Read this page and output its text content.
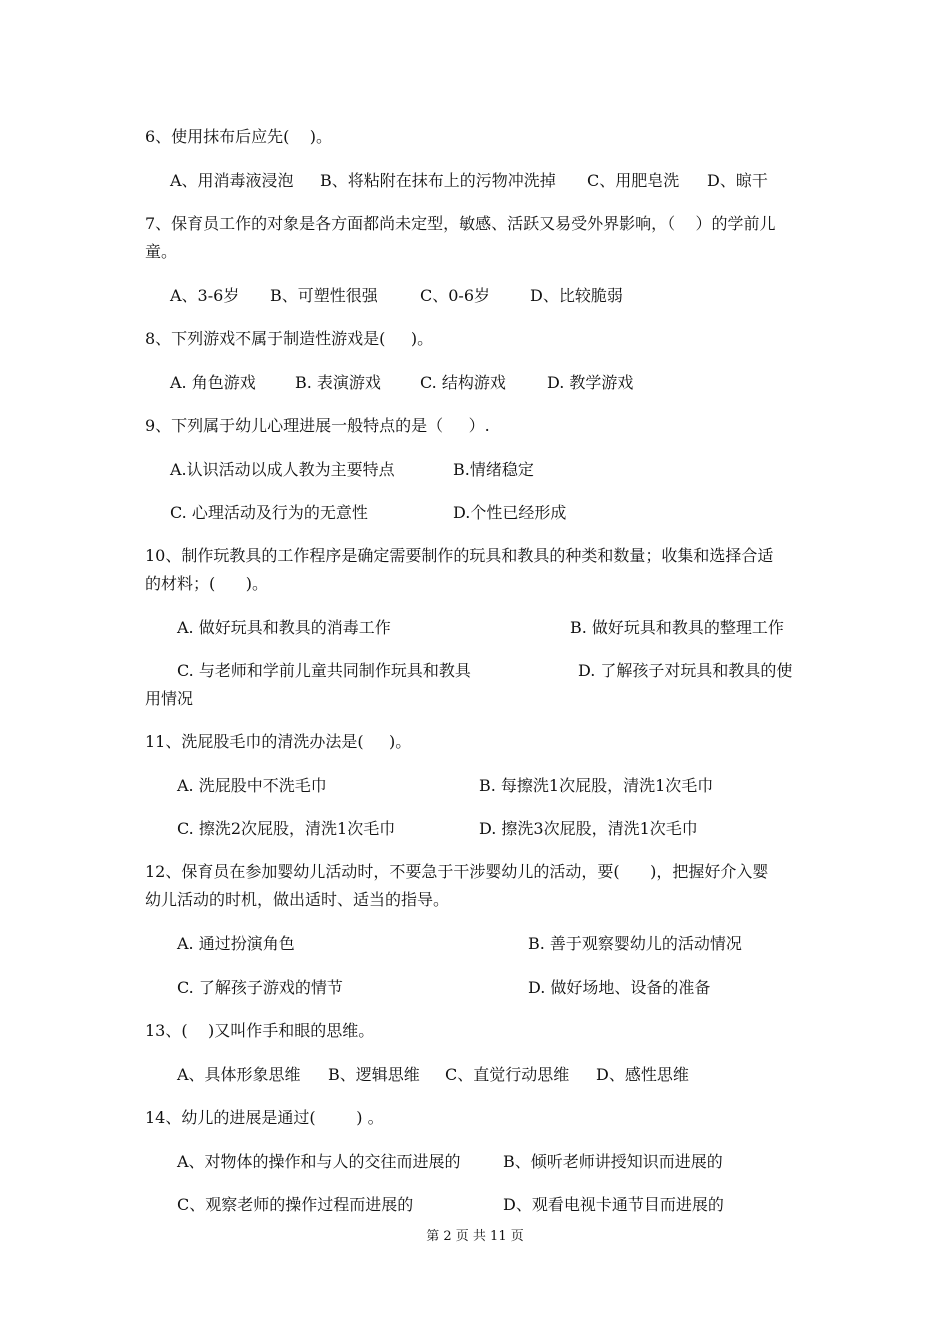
6、使用抹布后应先(    )。
A、用消毒液浸泡 B、将粘附在抹布上的污物冲洗掉 C、用肥皂洗 D、晾干
7、保育员工作的对象是各方面都尚未定型，敏感、活跃又易受外界影响，（    ）的学前儿
童。
A、3-6岁 B、可塑性很强	C、0-6岁 D、比较脆弱
8、下列游戏不属于制造性游戏是(     )。
A. 角色游戏 B. 表演游戏 C. 结构游戏	D. 教学游戏
9、下列属于幼儿心理进展一般特点的是（     ）.
A.认识活动以成人教为主要特点	B.情绪稳定
C. 心理活动及行为的无意性	D.个性已经形成
10、制作玩教具的工作程序是确定需要制作的玩具和教具的种类和数量；收集和选择合适
的材料；(      )。
A. 做好玩具和教具的消毒工作	B. 做好玩具和教具的整理工作
C. 与老师和学前儿童共同制作玩具和教具	D. 了解孩子对玩具和教具的使
用情况
11、洗屁股毛巾的清洗办法是(     )。
A. 洗屁股中不洗毛巾	B. 每擦洗1次屁股，清洗1次毛巾
C. 擦洗2次屁股，清洗1次毛巾	D. 擦洗3次屁股，清洗1次毛巾
12、保育员在参加婴幼儿活动时，不要急于干涉婴幼儿的活动，要(      )，把握好介入婴
幼儿活动的时机，做出适时、适当的指导。
A. 通过扮演角色	B. 善于观察婴幼儿的活动情况
C. 了解孩子游戏的情节	D. 做好场地、设备的准备
13、(    )又叫作手和眼的思维。
A、具体形象思维 B、逻辑思维 C、直觉行动思维 D、感性思维
14、幼儿的进展是通过(        ) 。
A、对物体的操作和与人的交往而进展的	B、倾听老师讲授知识而进展的
C、观察老师的操作过程而进展的	D、观看电视卡通节目而进展的
第 2 页 共 11 页
